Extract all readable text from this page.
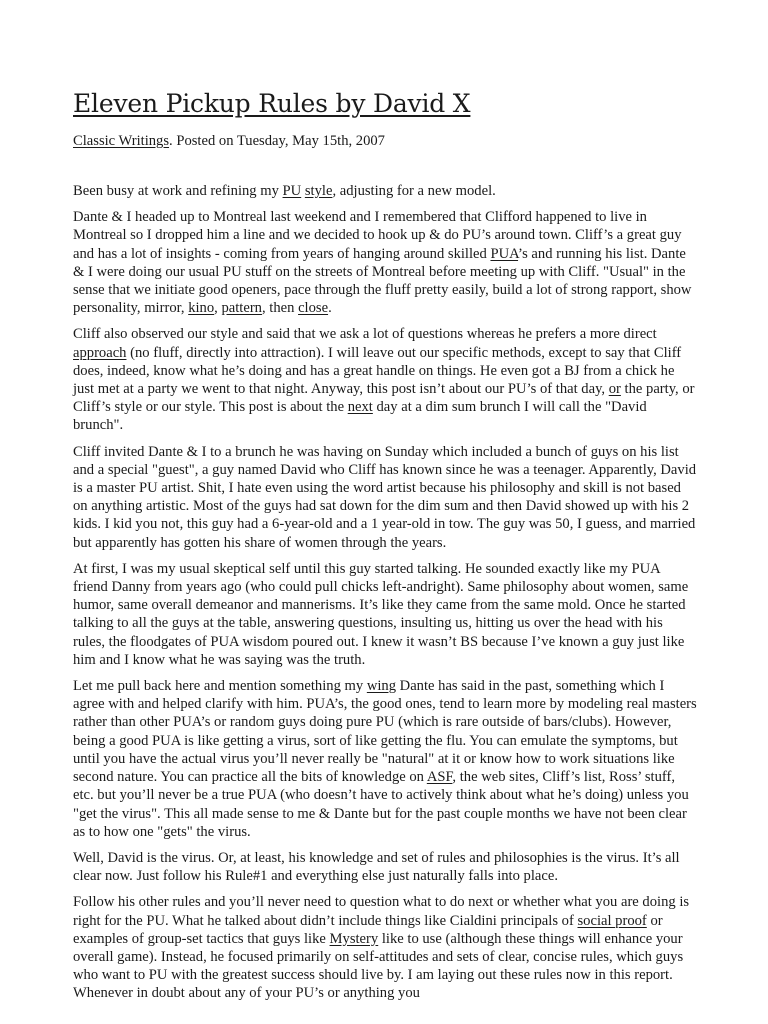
Eleven Pickup Rules by David X
Classic Writings. Posted on Tuesday, May 15th, 2007

Been busy at work and refining my PU style, adjusting for a new model.

Dante & I headed up to Montreal last weekend and I remembered that Clifford happened to live in Montreal so I dropped him a line and we decided to hook up & do PU’s around town. Cliff’s a great guy and has a lot of insights - coming from years of hanging around skilled PUA’s and running his list. Dante & I were doing our usual PU stuff on the streets of Montreal before meeting up with Cliff. "Usual" in the sense that we initiate good openers, pace through the fluff pretty easily, build a lot of strong rapport, show personality, mirror, kino, pattern, then close.

Cliff also observed our style and said that we ask a lot of questions whereas he prefers a more direct approach (no fluff, directly into attraction). I will leave out our specific methods, except to say that Cliff does, indeed, know what he’s doing and has a great handle on things. He even got a BJ from a chick he just met at a party we went to that night. Anyway, this post isn’t about our PU’s of that day, or the party, or Cliff’s style or our style. This post is about the next day at a dim sum brunch I will call the "David brunch".

Cliff invited Dante & I to a brunch he was having on Sunday which included a bunch of guys on his list and a special "guest", a guy named David who Cliff has known since he was a teenager. Apparently, David is a master PU artist. Shit, I hate even using the word artist because his philosophy and skill is not based on anything artistic. Most of the guys had sat down for the dim sum and then David showed up with his 2 kids. I kid you not, this guy had a 6-year-old and a 1 year-old in tow. The guy was 50, I guess, and married but apparently has gotten his share of women through the years.

At first, I was my usual skeptical self until this guy started talking. He sounded exactly like my PUA friend Danny from years ago (who could pull chicks left-andright). Same philosophy about women, same humor, same overall demeanor and mannerisms. It’s like they came from the same mold. Once he started talking to all the guys at the table, answering questions, insulting us, hitting us over the head with his rules, the floodgates of PUA wisdom poured out. I knew it wasn’t BS because I’ve known a guy just like him and I know what he was saying was the truth.

Let me pull back here and mention something my wing Dante has said in the past, something which I agree with and helped clarify with him. PUA’s, the good ones, tend to learn more by modeling real masters rather than other PUA’s or random guys doing pure PU (which is rare outside of bars/clubs). However, being a good PUA is like getting a virus, sort of like getting the flu. You can emulate the symptoms, but until you have the actual virus you’ll never really be "natural" at it or know how to work situations like second nature. You can practice all the bits of knowledge on ASF, the web sites, Cliff’s list, Ross’ stuff, etc. but you’ll never be a true PUA (who doesn’t have to actively think about what he’s doing) unless you "get the virus". This all made sense to me & Dante but for the past couple months we have not been clear as to how one "gets" the virus.

Well, David is the virus. Or, at least, his knowledge and set of rules and philosophies is the virus. It’s all clear now. Just follow his Rule#1 and everything else just naturally falls into place.

Follow his other rules and you’ll never need to question what to do next or whether what you are doing is right for the PU. What he talked about didn’t include things like Cialdini principals of social proof or examples of group-set tactics that guys like Mystery like to use (although these things will enhance your overall game). Instead, he focused primarily on self-attitudes and sets of clear, concise rules, which guys who want to PU with the greatest success should live by. I am laying out these rules now in this report. Whenever in doubt about any of your PU’s or anything you
